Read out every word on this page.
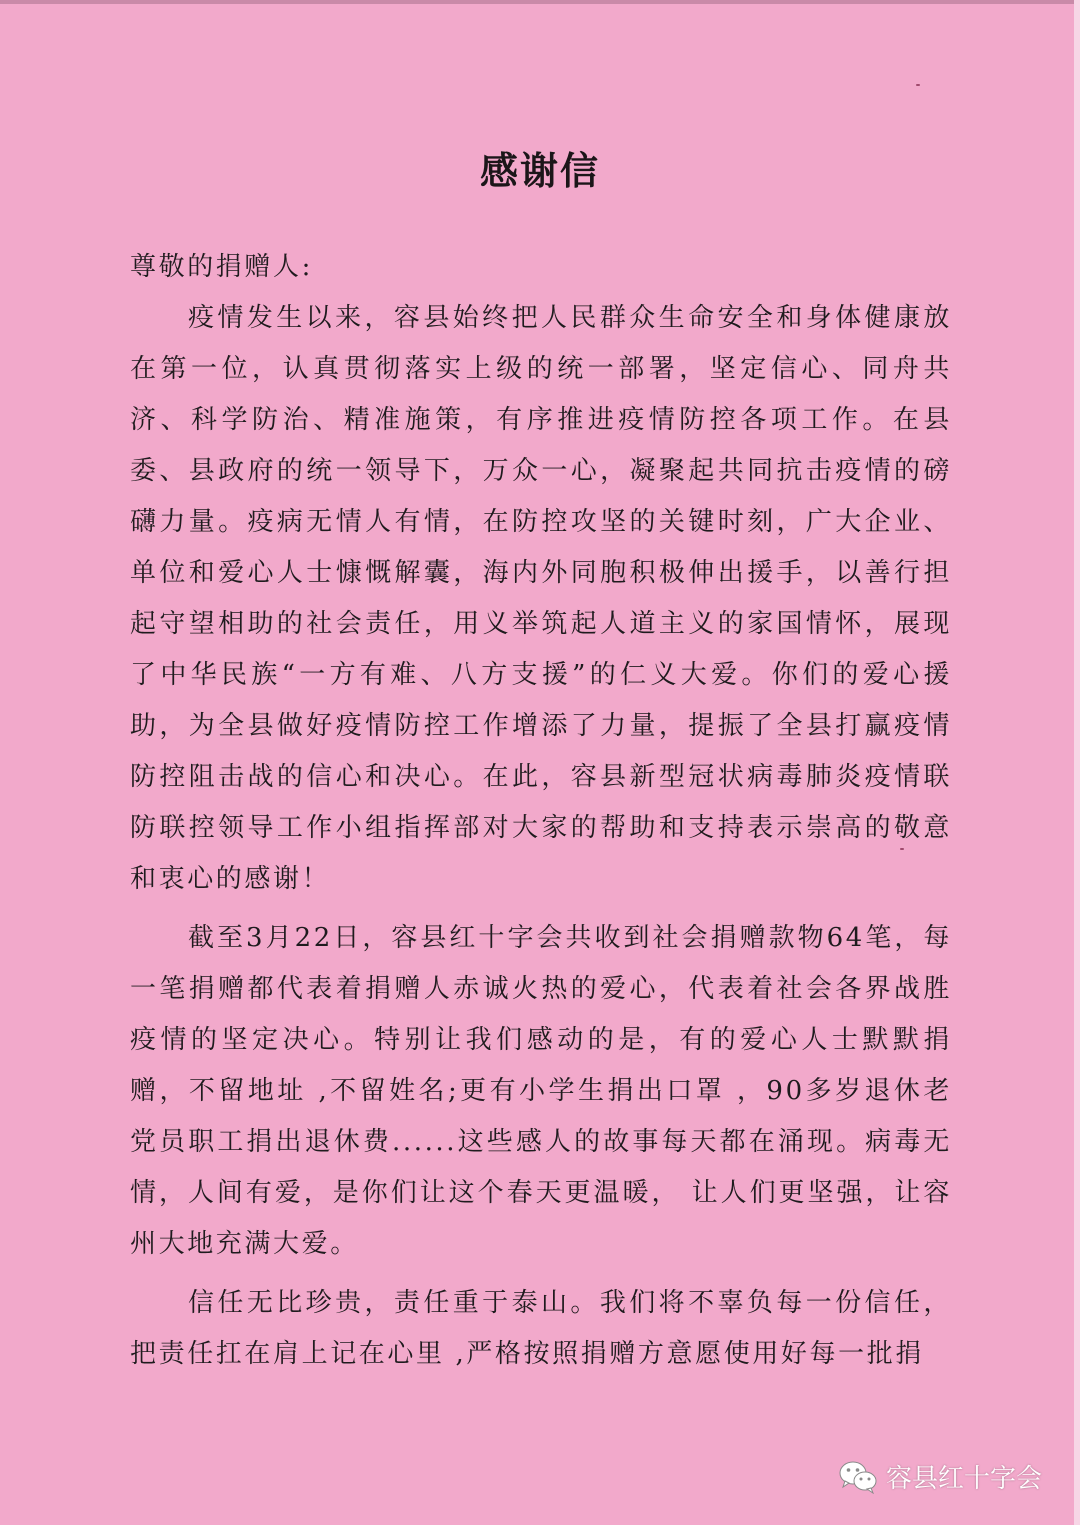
感谢信

尊敬的捐赠人:

疫情发生以来，容县始终把人民群众生命安全和身体健康放在第一位，认真贯彻落实上级的统一部署，坚定信心、同舟共济、科学防治、精准施策，有序推进疫情防控各项工作。在县委、县政府的统一领导下，万众一心，凝聚起共同抗击疫情的磅礴力量。疫病无情人有情，在防控攻坚的关键时刻，广大企业、单位和爱心人士慷慨解囊，海内外同胞积极伸出援手，以善行担起守望相助的社会责任，用义举筑起人道主义的家国情怀，展现了中华民族“一方有难、八方支援”的仁义大爱。你们的爱心援助，为全县做好疫情防控工作增添了力量，提振了全县打赢疫情防控阻击战的信心和决心。在此，容县新型冠状病毒肺炎疫情联防联控领导工作小组指挥部对大家的帮助和支持表示崇高的敬意和衷心的感谢！

截至3月22日，容县红十字会共收到社会捐赠款物64笔，每一笔捐赠都代表着捐赠人赤诚火热的爱心，代表着社会各界战胜疫情的坚定决心。特别让我们感动的是，有的爱心人士默默捐赠，不留地址 ,不留姓名;更有小学生捐出口罩 ，90多岁退休老党员职工捐出退休费......这些感人的故事每天都在涌现。病毒无情，人间有爱，是你们让这个春天更温暖， 让人们更坚强，让容州大地充满大爱。

信任无比珍贵，责任重于泰山。我们将不辜负每一份信任，把责任扛在肩上记在心里 ,严格按照捐赠方意愿使用好每一批捐

容县红十字会
